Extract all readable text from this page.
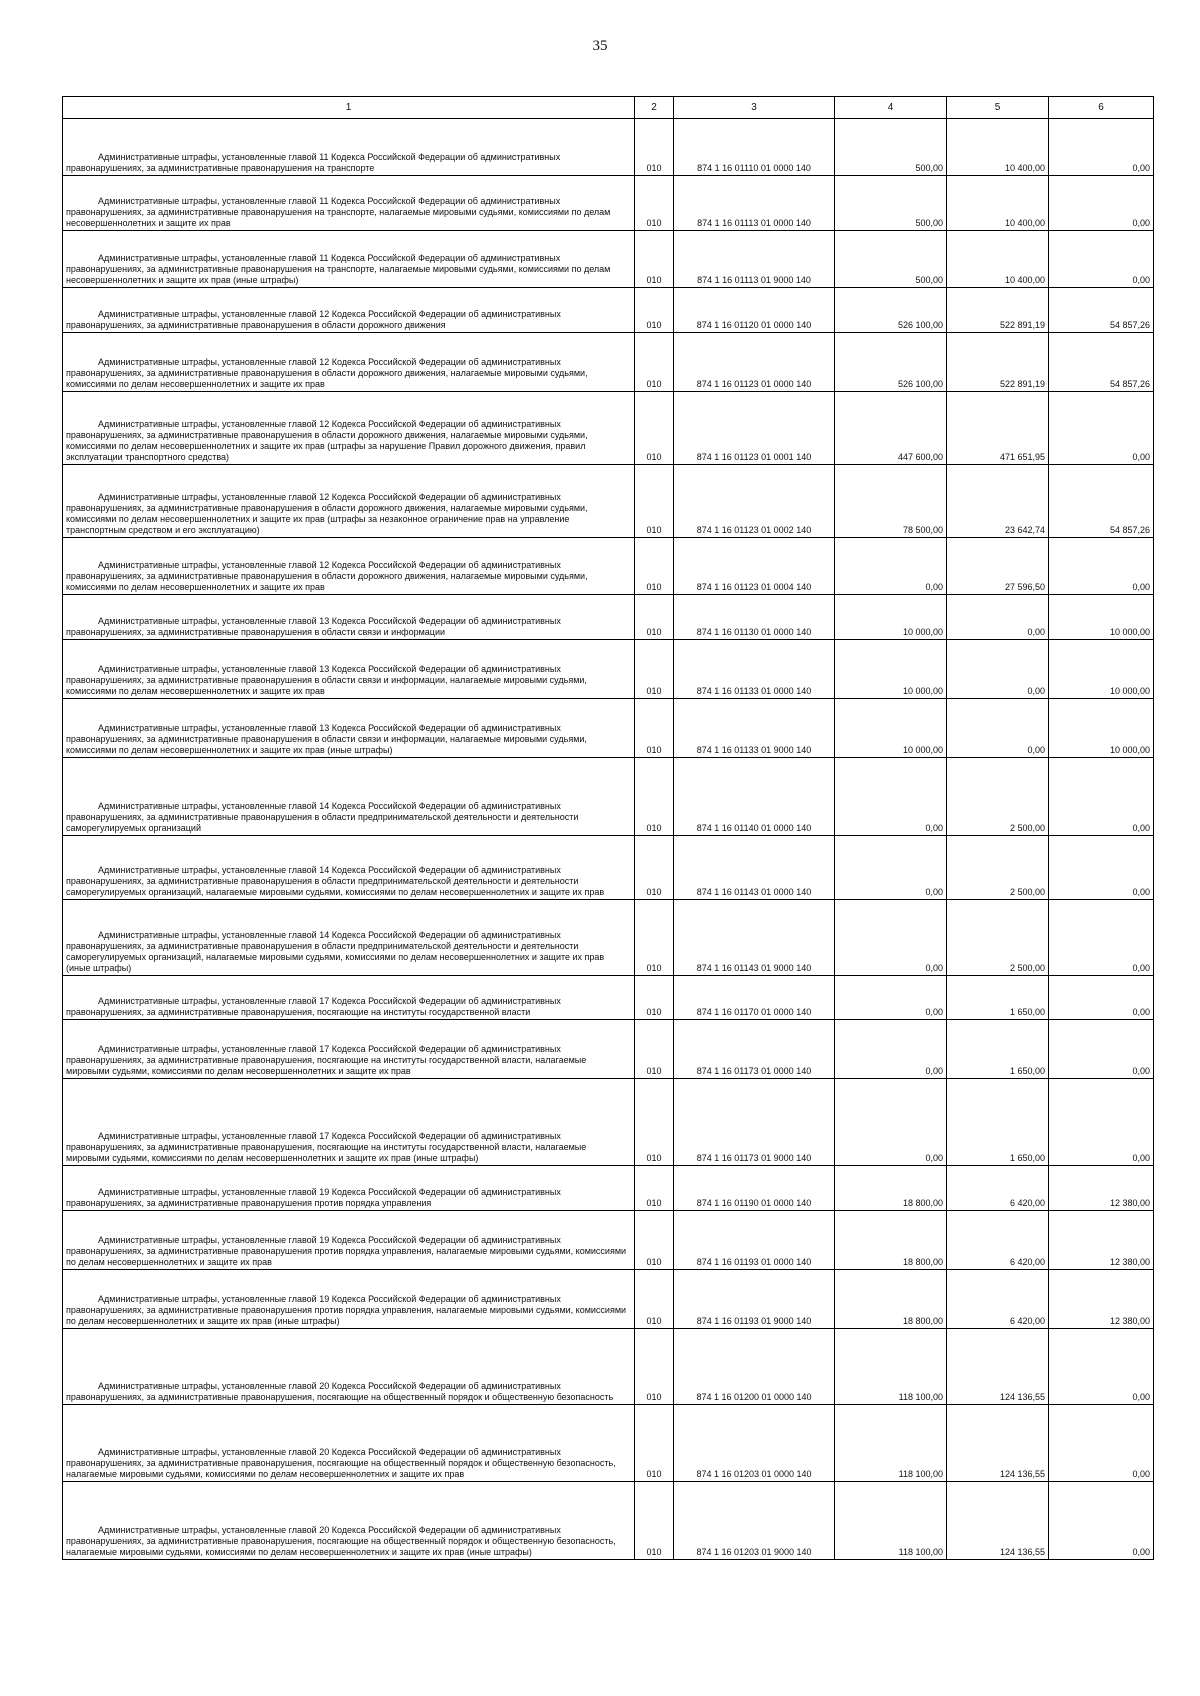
35
1	2	3	4	5	6

Административные штрафы, установленные главой 11 Кодекса Российской Федерации об административных правонарушениях, за административные правонарушения на транспорте	010	874 1 16 01110 01 0000 140	500,00	10 400,00	0,00

Административные штрафы, установленные главой 11 Кодекса Российской Федерации об административных правонарушениях, за административные правонарушения на транспорте, налагаемые мировыми судьями, комиссиями по делам несовершеннолетних и защите их прав	010	874 1 16 01113 01 0000 140	500,00	10 400,00	0,00

Административные штрафы, установленные главой 11 Кодекса Российской Федерации об административных правонарушениях, за административные правонарушения на транспорте, налагаемые мировыми судьями, комиссиями по делам несовершеннолетних и защите их прав (иные штрафы)	010	874 1 16 01113 01 9000 140	500,00	10 400,00	0,00

Административные штрафы, установленные главой 12 Кодекса Российской Федерации об административных правонарушениях, за административные правонарушения в области дорожного движения	010	874 1 16 01120 01 0000 140	526 100,00	522 891,19	54 857,26

Административные штрафы, установленные главой 12 Кодекса Российской Федерации об административных правонарушениях, за административные правонарушения в области дорожного движения, налагаемые мировыми судьями, комиссиями по делам несовершеннолетних и защите их прав	010	874 1 16 01123 01 0000 140	526 100,00	522 891,19	54 857,26

Административные штрафы, установленные главой 12 Кодекса Российской Федерации об административных правонарушениях, за административные правонарушения в области дорожного движения, налагаемые мировыми судьями, комиссиями по делам несовершеннолетних и защите их прав (штрафы за нарушение Правил дорожного движения, правил эксплуатации транспортного средства)	010	874 1 16 01123 01 0001 140	447 600,00	471 651,95	0,00

Административные штрафы, установленные главой 12 Кодекса Российской Федерации об административных правонарушениях, за административные правонарушения в области дорожного движения, налагаемые мировыми судьями, комиссиями по делам несовершеннолетних и защите их прав (штрафы за незаконное ограничение прав на управление транспортным средством и его эксплуатацию)	010	874 1 16 01123 01 0002 140	78 500,00	23 642,74	54 857,26

Административные штрафы, установленные главой 12 Кодекса Российской Федерации об административных правонарушениях, за административные правонарушения в области дорожного движения, налагаемые мировыми судьями, комиссиями по делам несовершеннолетних и защите их прав	010	874 1 16 01123 01 0004 140	0,00	27 596,50	0,00

Административные штрафы, установленные главой 13 Кодекса Российской Федерации об административных правонарушениях, за административные правонарушения в области связи и информации	010	874 1 16 01130 01 0000 140	10 000,00	0,00	10 000,00

Административные штрафы, установленные главой 13 Кодекса Российской Федерации об административных правонарушениях, за административные правонарушения в области связи и информации, налагаемые мировыми судьями, комиссиями по делам несовершеннолетних и защите их прав	010	874 1 16 01133 01 0000 140	10 000,00	0,00	10 000,00

Административные штрафы, установленные главой 13 Кодекса Российской Федерации об административных правонарушениях, за административные правонарушения в области связи и информации, налагаемые мировыми судьями, комиссиями по делам несовершеннолетних и защите их прав (иные штрафы)	010	874 1 16 01133 01 9000 140	10 000,00	0,00	10 000,00

Административные штрафы, установленные главой 14 Кодекса Российской Федерации об административных правонарушениях, за административные правонарушения в области предпринимательской деятельности и деятельности саморегулируемых организаций	010	874 1 16 01140 01 0000 140	0,00	2 500,00	0,00

Административные штрафы, установленные главой 14 Кодекса Российской Федерации об административных правонарушениях, за административные правонарушения в области предпринимательской деятельности и деятельности саморегулируемых организаций, налагаемые мировыми судьями, комиссиями по делам несовершеннолетних и защите их прав	010	874 1 16 01143 01 0000 140	0,00	2 500,00	0,00

Административные штрафы, установленные главой 14 Кодекса Российской Федерации об административных правонарушениях, за административные правонарушения в области предпринимательской деятельности и деятельности саморегулируемых организаций, налагаемые мировыми судьями, комиссиями по делам несовершеннолетних и защите их прав (иные штрафы)	010	874 1 16 01143 01 9000 140	0,00	2 500,00	0,00

Административные штрафы, установленные главой 17 Кодекса Российской Федерации об административных правонарушениях, за административные правонарушения, посягающие на институты государственной власти	010	874 1 16 01170 01 0000 140	0,00	1 650,00	0,00

Административные штрафы, установленные главой 17 Кодекса Российской Федерации об административных правонарушениях, за административные правонарушения, посягающие на институты государственной власти, налагаемые мировыми судьями, комиссиями по делам несовершеннолетних и защите их прав	010	874 1 16 01173 01 0000 140	0,00	1 650,00	0,00

Административные штрафы, установленные главой 17 Кодекса Российской Федерации об административных правонарушениях, за административные правонарушения, посягающие на институты государственной власти, налагаемые мировыми судьями, комиссиями по делам несовершеннолетних и защите их прав (иные штрафы)	010	874 1 16 01173 01 9000 140	0,00	1 650,00	0,00

Административные штрафы, установленные главой 19 Кодекса Российской Федерации об административных правонарушениях, за административные правонарушения против порядка управления	010	874 1 16 01190 01 0000 140	18 800,00	6 420,00	12 380,00

Административные штрафы, установленные главой 19 Кодекса Российской Федерации об административных правонарушениях, за административные правонарушения против порядка управления, налагаемые мировыми судьями, комиссиями по делам несовершеннолетних и защите их прав	010	874 1 16 01193 01 0000 140	18 800,00	6 420,00	12 380,00

Административные штрафы, установленные главой 19 Кодекса Российской Федерации об административных правонарушениях, за административные правонарушения против порядка управления, налагаемые мировыми судьями, комиссиями по делам несовершеннолетних и защите их прав (иные штрафы)	010	874 1 16 01193 01 9000 140	18 800,00	6 420,00	12 380,00

Административные штрафы, установленные главой 20 Кодекса Российской Федерации об административных правонарушениях, за административные правонарушения, посягающие на общественный порядок и общественную безопасность	010	874 1 16 01200 01 0000 140	118 100,00	124 136,55	0,00

Административные штрафы, установленные главой 20 Кодекса Российской Федерации об административных правонарушениях, за административные правонарушения, посягающие на общественный порядок и общественную безопасность, налагаемые мировыми судьями, комиссиями по делам несовершеннолетних и защите их прав	010	874 1 16 01203 01 0000 140	118 100,00	124 136,55	0,00

Административные штрафы, установленные главой 20 Кодекса Российской Федерации об административных правонарушениях, за административные правонарушения, посягающие на общественный порядок и общественную безопасность, налагаемые мировыми судьями, комиссиями по делам несовершеннолетних и защите их прав (иные штрафы)	010	874 1 16 01203 01 9000 140	118 100,00	124 136,55	0,00
